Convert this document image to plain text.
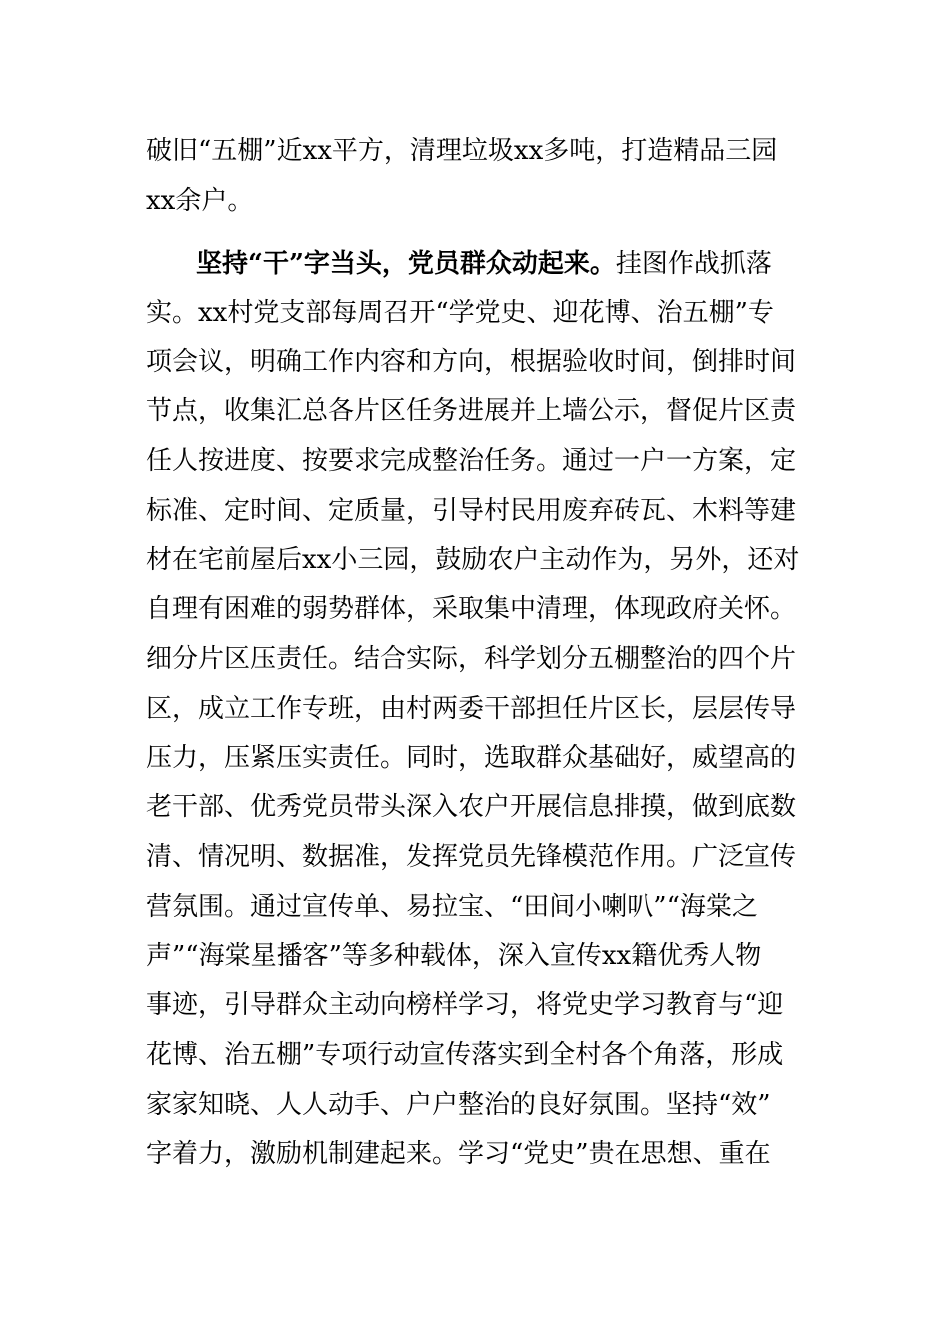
破旧“五棚”近xx平方，清理垃圾xx多吨，打造精品三园
xx余户。
坚持“干”字当头，党员群众动起来。挂图作战抓落
实。xx村党支部每周召开“学党史、迎花博、治五棚”专
项会议，明确工作内容和方向，根据验收时间，倒排时间
节点，收集汇总各片区任务进展并上墙公示，督促片区责
任人按进度、按要求完成整治任务。通过一户一方案，定
标准、定时间、定质量，引导村民用废弃砖瓦、木料等建
材在宅前屋后xx小三园，鼓励农户主动作为，另外，还对
自理有困难的弱势群体，采取集中清理，体现政府关怀。
细分片区压责任。结合实际，科学划分五棚整治的四个片
区，成立工作专班，由村两委干部担任片区长，层层传导
压力，压紧压实责任。同时，选取群众基础好，威望高的
老干部、优秀党员带头深入农户开展信息排摸，做到底数
清、情况明、数据准，发挥党员先锋模范作用。广泛宣传
营氛围。通过宣传单、易拉宝、“田间小喇叭”“海棠之
声”“海棠星播客”等多种载体，深入宣传xx籍优秀人物
事迹，引导群众主动向榜样学习，将党史学习教育与“迎
花博、治五棚”专项行动宣传落实到全村各个角落，形成
家家知晓、人人动手、户户整治的良好氛围。坚持“效”
字着力，激励机制建起来。学习“党史”贵在思想、重在
